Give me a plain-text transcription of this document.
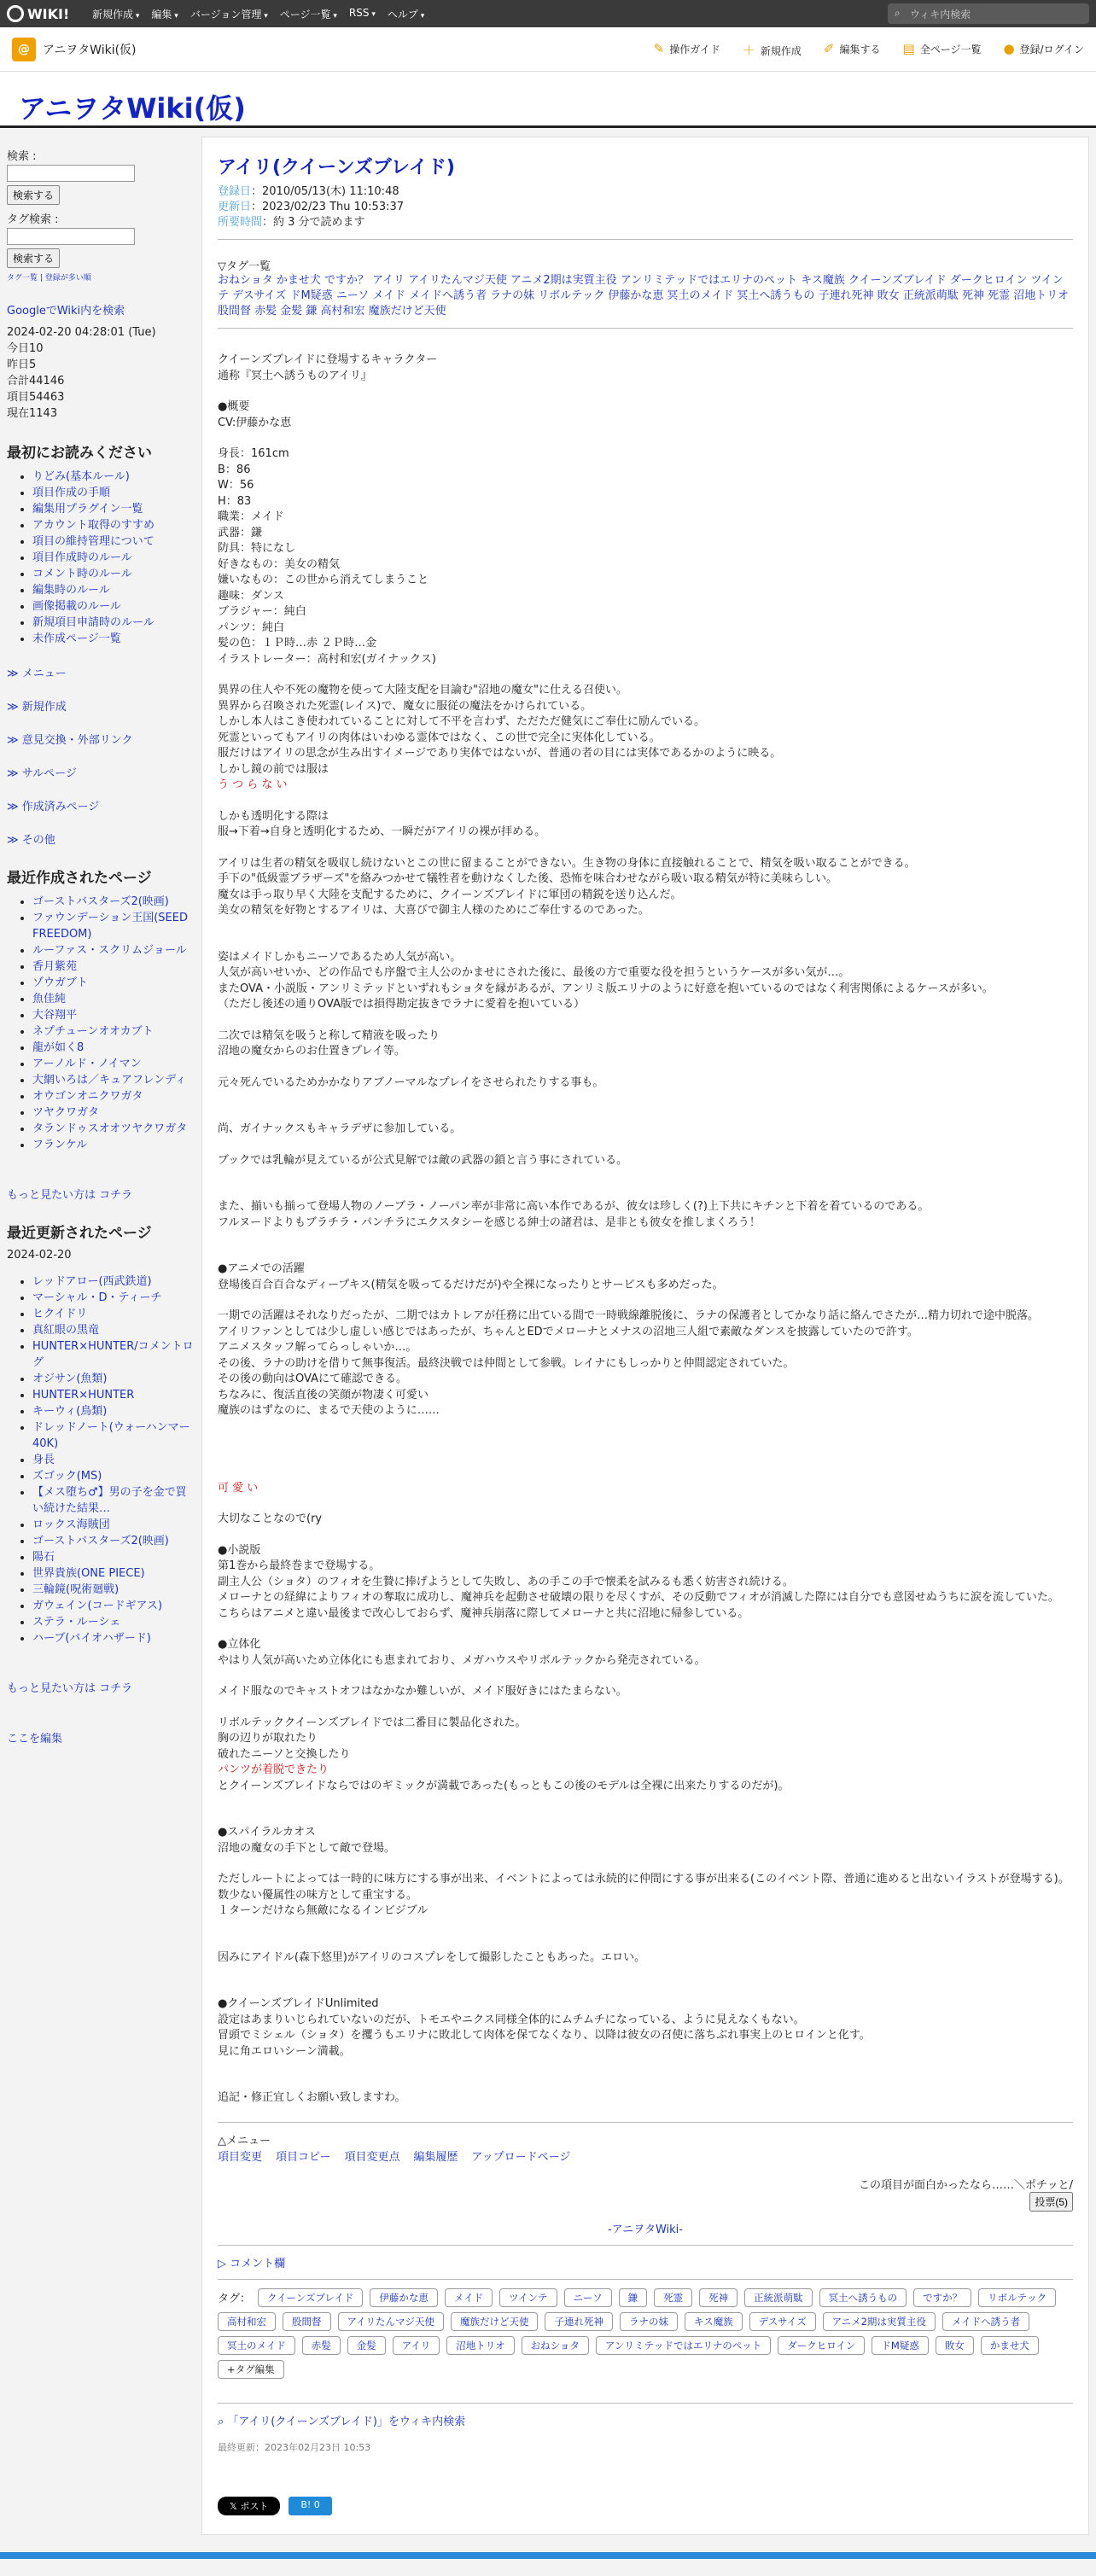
WIKI! 新規作成 ▾	編集 ▾	バージョン管理 ▾	ページ一覧 ▾	RSS ▾	ヘルプ ▾	⌕ ウィキ内検索
@	アニヲタWiki(仮)	✎ 操作ガイド ＋ 新規作成 ✐ 編集する ▤ 全ページ一覧 ● 登録/ログイン
アニヲタWiki(仮)
検索 :
検索する
タグ検索 :
検索する
タグ一覧 | 登録が多い順
GoogleでWiki内を検索
2024-02-20 04:28:01 (Tue)
今日10
昨日5
合計44146
項目54463
現在1143
最初にお読みください
• りどみ(基本ルール)
• 項目作成の手順
• 編集用プラグイン一覧
• アカウント取得のすすめ
• 項目の維持管理について
• 項目作成時のルール
• コメント時のルール
• 編集時のルール
• 画像掲載のルール
• 新規項目申請時のルール
• 未作成ページ一覧
≫ メニュー
≫ 新規作成
≫ 意見交換・外部リンク
≫ サルページ
≫ 作成済みページ
≫ その他
最近作成されたページ
• ゴーストバスターズ2(映画)
• ファウンデーション王国(SEED FREEDOM)
• ルーファス・スクリムジョール
• 香月紫苑
• ゾウガブト
• 魚佳純
• 大谷翔平
• ネプチューンオオカブト
• 龍が如く8
• アーノルド・ノイマン
• 大網いろは／キュアフレンディ
• オウゴンオニクワガタ
• ツヤクワガタ
• タランドゥスオオツヤクワガタ
• フランケル
もっと見たい方は コチラ
最近更新されたページ
2024-02-20
• レッドアロー(西武鉄道)
• マーシャル・D・ティーチ
• ヒクイドリ
• 真紅眼の黒竜
• HUNTER×HUNTER/コメントログ
• オジサン(魚類)
• HUNTER×HUNTER
• キーウィ(鳥類)
• ドレッドノート(ウォーハンマー40K)
• 身長
• ズゴック(MS)
• 【メス堕ち♂】男の子を金で買い続けた結果…
• ロックス海賊団
• ゴーストバスターズ2(映画)
• 陽石
• 世界貴族(ONE PIECE)
• 三輪鏡(呪術廻戦)
• ガウェイン(コードギアス)
• ステラ・ルーシェ
• ハーブ(バイオハザード)
もっと見たい方は コチラ
ここを編集
アイリ(クイーンズブレイド)
登録日：2010/05/13(木) 11:10:48
更新日：2023/02/23 Thu 10:53:37
所要時間：約 3 分で読めます
▽タグ一覧
おねショタ かませ犬 ですか？ アイリ アイリたんマジ天使 アニメ2期は実質主役 アンリミテッドではエリナのペット キス魔族 クイーンズブレイド ダークヒロイン ツインテ デスサイズ ドM疑惑 ニーソ メイド メイドへ誘う者 ラナの妹 リボルテック 伊藤かな恵 冥土のメイド 冥土へ誘うもの 子連れ死神 敗女 正統派萌駄 死神 死霊 沼地トリオ 股間督 赤髪 金髪 鎌 高村和宏 魔族だけど天使

クイーンズブレイドに登場するキャラクター

通称『冥土へ誘うものアイリ』

●概要

CV:伊藤かな恵

身長：161cm

B：86

W：56

H：83

職業：メイド

武器：鎌

防具：特になし

好きなもの：美女の精気

嫌いなもの：この世から消えてしまうこと

趣味：ダンス

ブラジャー：純白

パンツ：純白

髪の色：１Ｐ時…赤 ２Ｐ時…金

イラストレーター：高村和宏(ガイナックス)

異界の住人や不死の魔物を使って大陸支配を目論む"沼地の魔女"に仕える召使い。

異界から召喚された死霊(レイス)で、魔女に服従の魔法をかけられている。

しかし本人はこき使われていることに対して不平を言わず、ただただ健気にご奉仕に励んでいる。

死霊といってもアイリの肉体はいわゆる霊体ではなく、この世で完全に実体化している。

服だけはアイリの思念が生み出すイメージであり実体ではないが、普通の者の目には実体であるかのように映る。

しかし鏡の前では服は

う つ ら な い

しかも透明化する際は

服→下着→自身と透明化するため、一瞬だがアイリの裸が拝める。

アイリは生者の精気を吸収し続けないとこの世に留まることができない。生き物の身体に直接触れることで、精気を吸い取ることができる。

手下の"低級霊ブラザーズ"を絡みつかせて犠牲者を動けなくした後、恐怖を味合わせながら吸い取る精気が特に美味らしい。

魔女は手っ取り早く大陸を支配するために、クイーンズブレイドに軍団の精鋭を送り込んだ。

美女の精気を好物とするアイリは、大喜びで御主人様のためにご奉仕するのであった。

姿はメイドしかもニーソであるため人気が高い。

人気が高いせいか、どの作品でも序盤で主人公のかませにされた後に、最後の方で重要な役を担うというケースが多い気が…。

またOVA・小説版・アンリミテッドといずれもショタを縁があるが、アンリミ版エリナのように好意を抱いているのではなく利害関係によるケースが多い。

（ただし後述の通りOVA版では損得勘定抜きでラナに愛着を抱いている）

二次では精気を吸うと称して精液を吸ったり

沼地の魔女からのお仕置きプレイ等。

元々死んでいるためかかなりアブノーマルなプレイをさせられたりする事も。

尚、ガイナックスもキャラデザに参加している。

ブックでは乳輪が見えているが公式見解では敵の武器の鎖と言う事にされている。

また、揃いも揃って登場人物のノーブラ・ノーパン率が非常に高い本作であるが、彼女は珍しく(?)上下共にキチンと下着を着ているのである。

フルヌードよりもブラチラ・パンチラにエクスタシーを感じる紳士の諸君は、是非とも彼女を推しまくろう！

●アニメでの活躍

登場後百合百合なディープキス(精気を吸ってるだけだが)や全裸になったりとサービスも多めだった。

一期での活躍はそれなりだったが、二期ではカトレアが任務に出ている間で一時戦線離脱後に、ラナの保護者としてかなり話に絡んでさたが…精力切れで途中脱落。

アイリファンとしては少し虚しい感じではあったが、ちゃんとEDでメローナとメナスの沼地三人組で素敵なダンスを披露していたので許す。

アニメスタッフ解ってらっしゃいか…。

その後、ラナの助けを借りて無事復活。最終決戦では仲間として参戦。レイナにもしっかりと仲間認定されていた。

その後の動向はOVAにて確認できる。

ちなみに、復活直後の笑顔が物凄く可愛い

魔族のはずなのに、まるで天使のように……

可 愛 い

大切なことなので(ry

●小説版

第1巻から最終巻まで登場する。

副主人公（ショタ）のフィオを生贄に捧げようとして失敗し、あの手この手で懐柔を試みるも悉く妨害され続ける。

メローナとの経緯によりフィオの奪取に成功し、魔神兵を起動させ破壊の限りを尽くすが、その反動でフィオが消滅した際には自分でも意図せぬうちに涙を流していた。

こちらはアニメと違い最後まで改心しておらず、魔神兵崩落に際してメローナと共に沼地に帰参している。

●立体化

やはり人気が高いため立体化にも恵まれており、メガハウスやリボルテックから発売されている。

メイド服なのでキャストオフはなかなか難しいが、メイド服好きにはたまらない。

リボルテッククイーンズブレイドでは二番目に製品化された。

胸の辺りが取れたり

破れたニーソと交換したり

パンツが着脱できたり

とクイーンズブレイドならではのギミックが満載であった(もっともこの後のモデルは全裸に出来たりするのだが)。

●スパイラルカオス

沼地の魔女の手下として敵で登場。

ただしルートによっては一時的に味方にする事が出来、イベントによっては永続的に仲間にする事が出来る(このイベント際、普通に進めると出ないイラストが登場する)。

数少ない優属性の味方として重宝する。

１ターンだけなら無敵になるインビジブル

因みにアイドル(森下悠里)がアイリのコスプレをして撮影したこともあった。エロい。

●クイーンズブレイドUnlimited

設定はあまりいじられていないのだが、トモエやニクス同様全体的にムチムチになっている、ように見えなくもない。

冒頭でミシェル（ショタ）を攫うもエリナに敗北して肉体を保てなくなり、以降は彼女の召使に落ちぶれ事実上のヒロインと化す。

見に角エロいシーン満載。

追記・修正宜しくお願い致しますわ。

△メニュー
項目変更 項目コピー 項目変更点 編集履歴 アップロードページ
この項目が面白かったなら……＼ポチッと/
投票(5)
-アニヲタWiki-
▷ コメント欄
タグ：	クイーンズブレイド	伊藤かな恵	メイド	ツインテ	ニーソ	鎌	死霊	死神	正統派萌駄	冥土へ誘うもの	ですか？	リボルテック
高村和宏	股間督	アイリたんマジ天使	魔族だけど天使	子連れ死神	ラナの妹	キス魔族	デスサイズ	アニメ2期は実質主役	メイドへ誘う者
冥土のメイド	赤髪	金髪	アイリ	沼地トリオ	おねショタ	アンリミテッドではエリナのペット	ダークヒロイン	ドM疑惑	敗女	かませ犬
+タグ編集
⌕ 「アイリ(クイーンズブレイド)」をウィキ内検索
最終更新：2023年02月23日 10:53
𝕏 ポスト	B! 0
